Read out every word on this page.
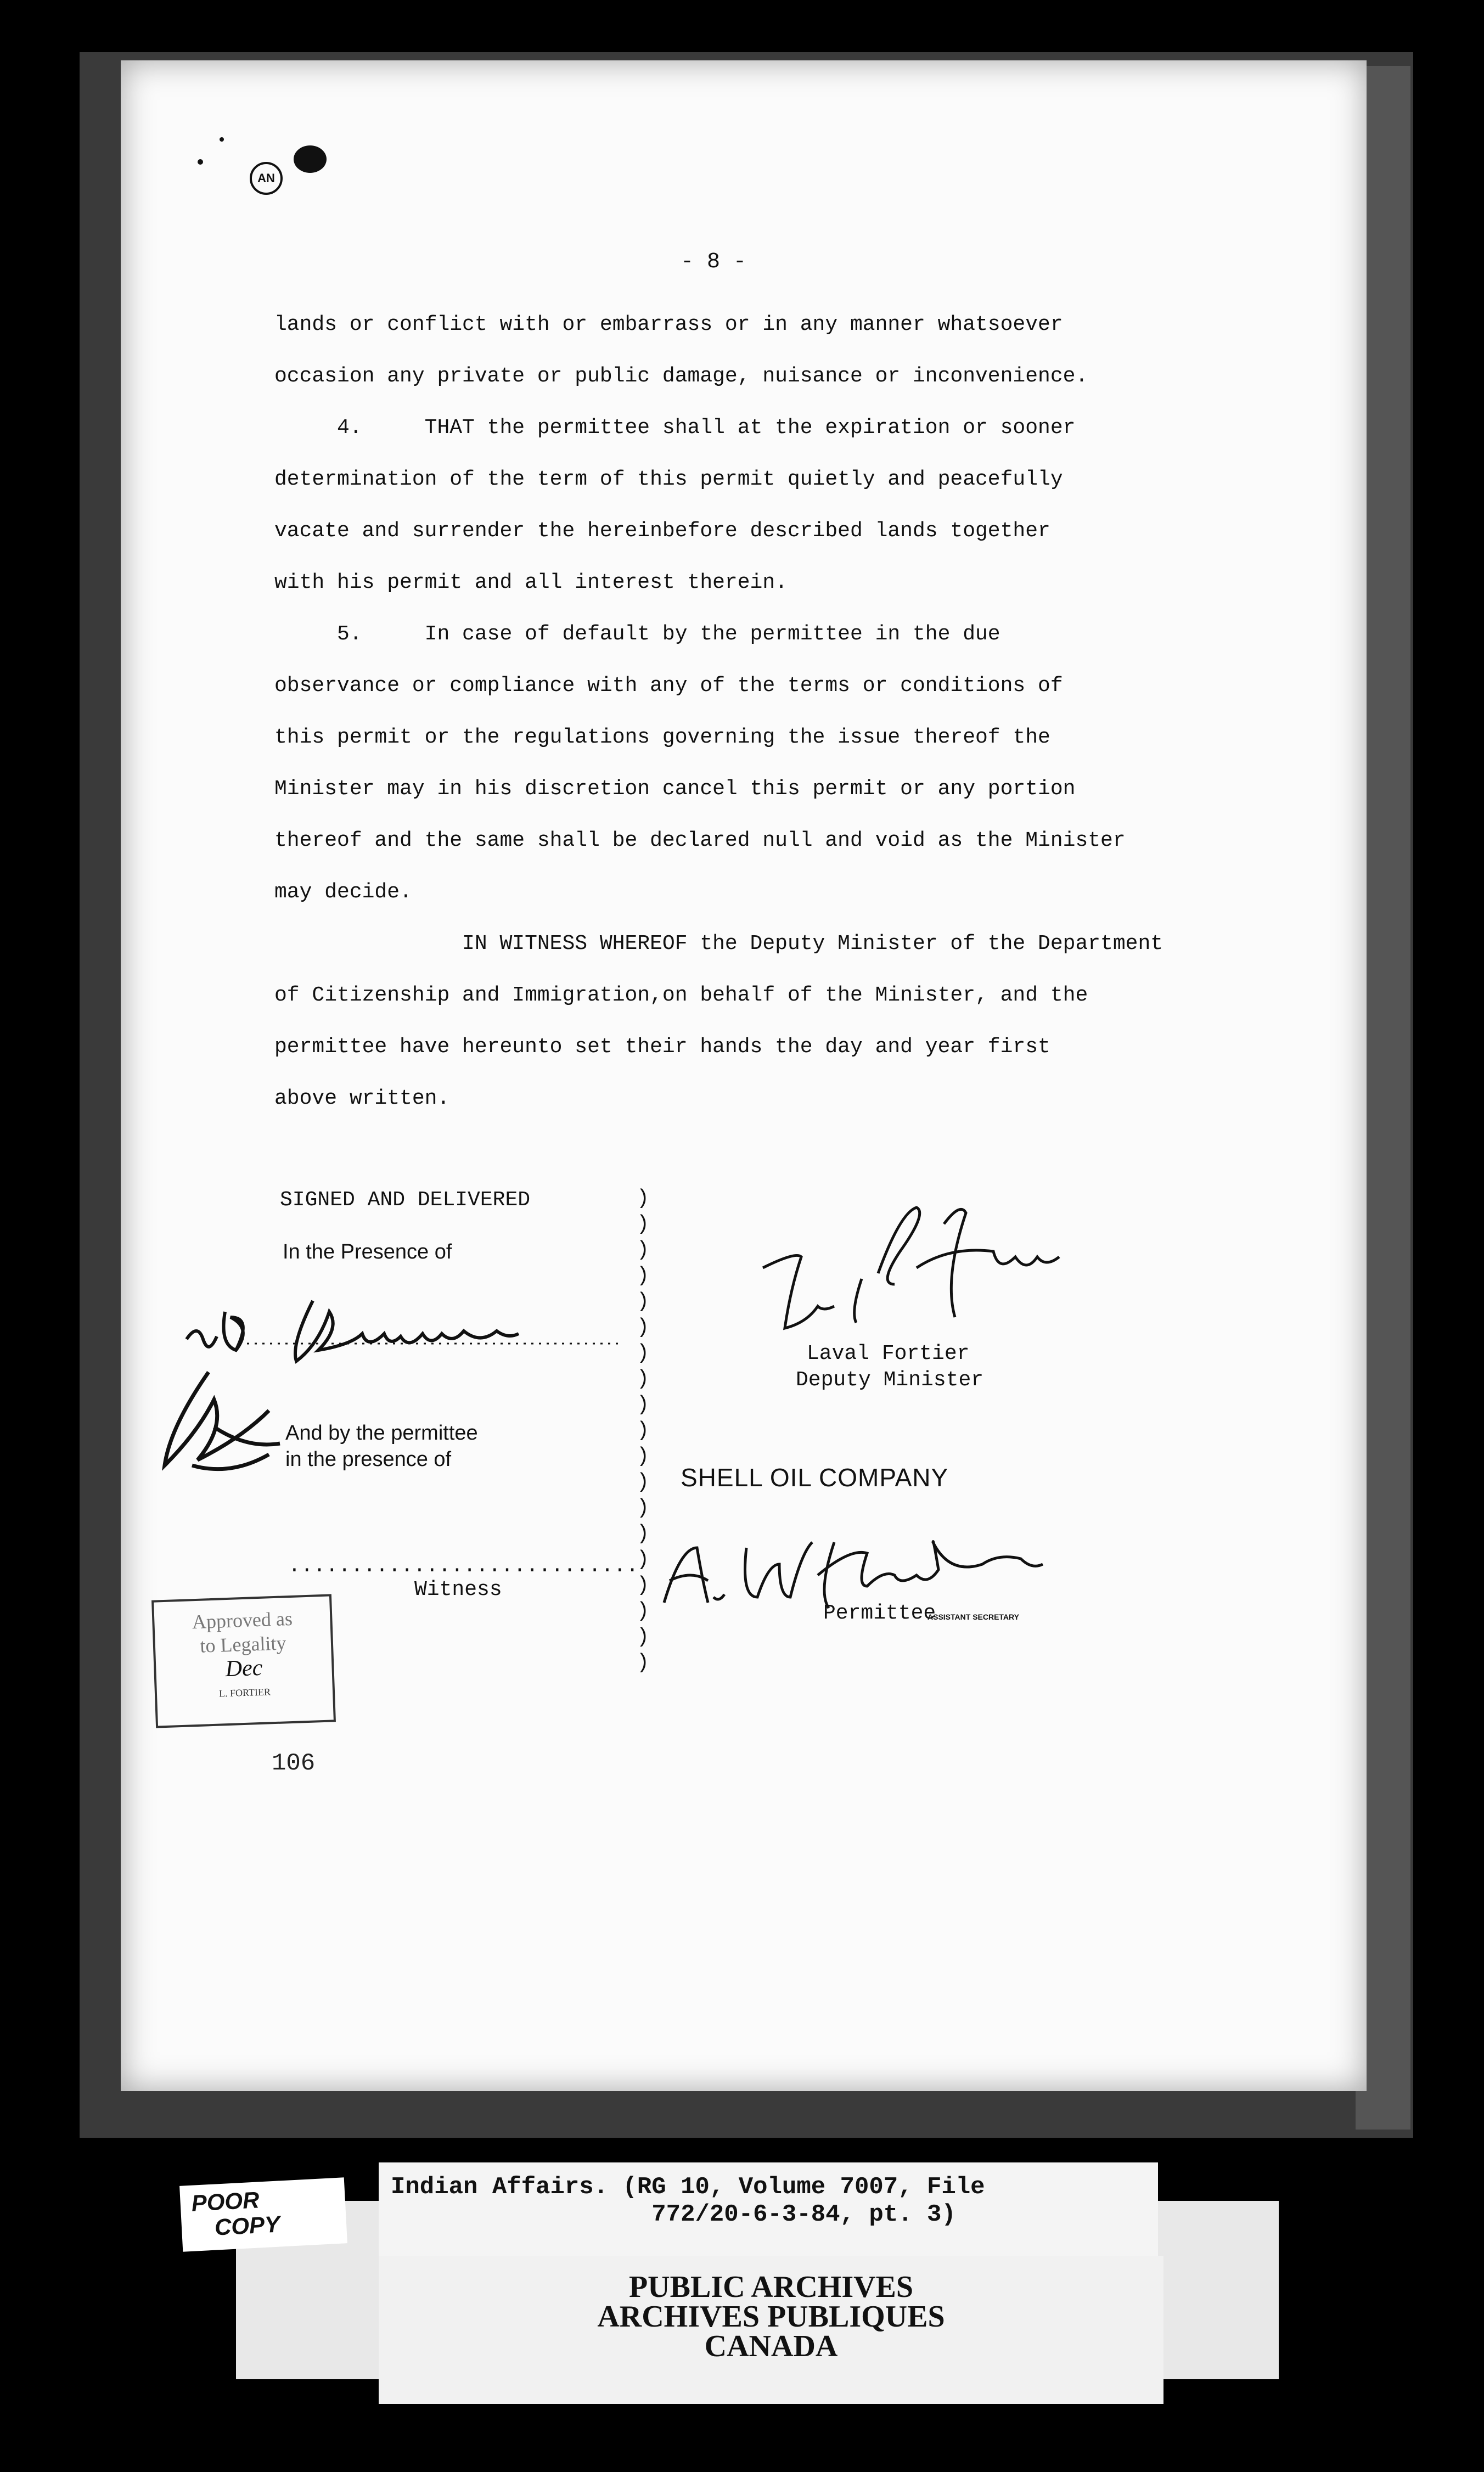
AN
- 8 -
lands or conflict with or embarrass or in any manner whatsoever
occasion any private or public damage, nuisance or inconvenience.
4.     THAT the permittee shall at the expiration or sooner
determination of the term of this permit quietly and peacefully
vacate and surrender the hereinbefore described lands together
with his permit and all interest therein.
5.     In case of default by the permittee in the due
observance or compliance with any of the terms or conditions of
this permit or the regulations governing the issue thereof the
Minister may in his discretion cancel this permit or any portion
thereof and the same shall be declared null and void as the Minister
may decide.
IN WITNESS WHEREOF the Deputy Minister of the Department
of Citizenship and Immigration,on behalf of the Minister, and the
permittee have hereunto set their hands the day and year first
above written.
SIGNED AND DELIVERED
In the Presence of
And by the permittee
in the presence of
............................
Witness
)
)
)
)
)
)
)
)
)
)
)
)
)
)
)
)
)
)
)
Laval Fortier
Deputy Minister
SHELL OIL COMPANY
Permittee
ASSISTANT SECRETARY
Approved as
to Legality
Dec
L. FORTIER
106
Indian Affairs. (RG 10, Volume 7007, File
772/20-6-3-84, pt. 3)
PUBLIC ARCHIVES
ARCHIVES PUBLIQUES
CANADA
POOR
COPY
